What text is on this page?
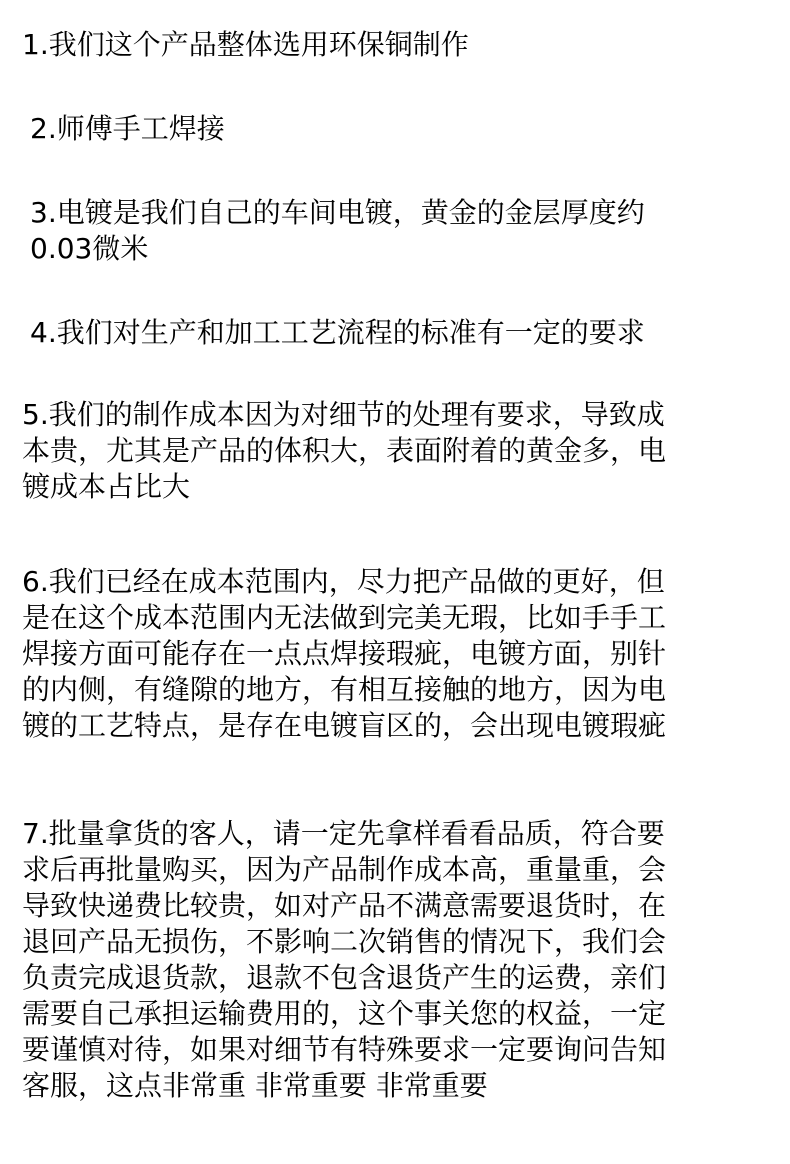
1.我们这个产品整体选用环保铜制作

2.师傅手工焊接

3.电镀是我们自己的车间电镀，黄金的金层厚度约
0.03微米

4.我们对生产和加工工艺流程的标准有一定的要求

5.我们的制作成本因为对细节的处理有要求，导致成
本贵，尤其是产品的体积大，表面附着的黄金多，电
镀成本占比大

6.我们已经在成本范围内，尽力把产品做的更好，但
是在这个成本范围内无法做到完美无瑕，比如手手工
焊接方面可能存在一点点焊接瑕疵，电镀方面，别针
的内侧，有缝隙的地方，有相互接触的地方，因为电
镀的工艺特点，是存在电镀盲区的，会出现电镀瑕疵

7.批量拿货的客人，请一定先拿样看看品质，符合要
求后再批量购买，因为产品制作成本高，重量重，会
导致快递费比较贵，如对产品不满意需要退货时，在
退回产品无损伤，不影响二次销售的情况下，我们会
负责完成退货款，退款不包含退货产生的运费，亲们
需要自己承担运输费用的，这个事关您的权益，一定
要谨慎对待，如果对细节有特殊要求一定要询问告知
客服，这点非常重 非常重要 非常重要
